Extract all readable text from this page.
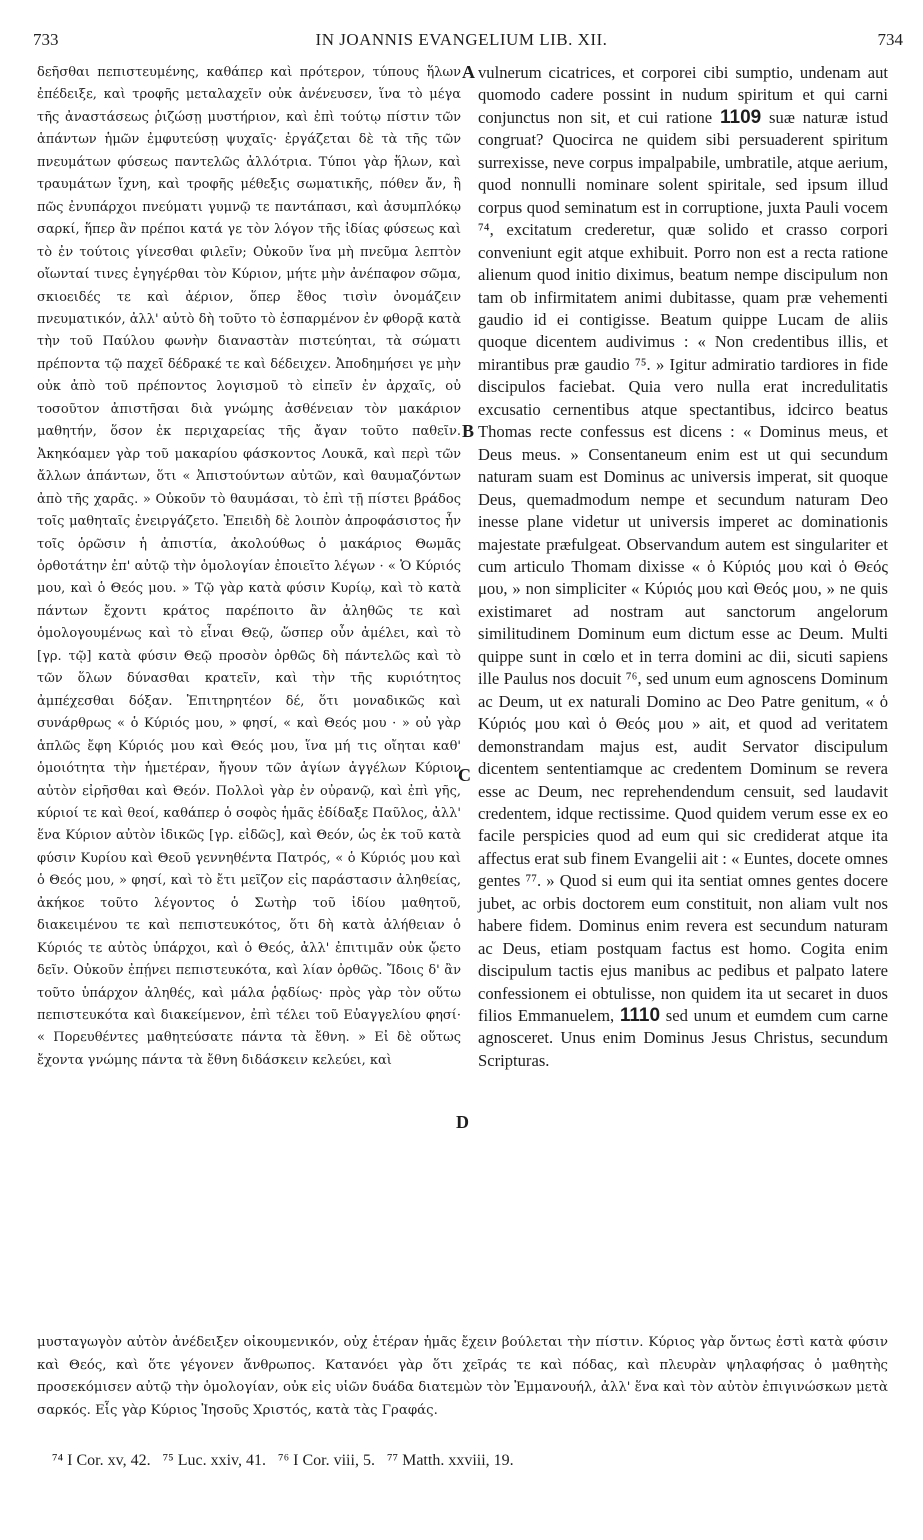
733	IN JOANNIS EVANGELIUM LIB. XII.	734

δεῆσθαι πεπιστευμένης, καθάπερ καὶ πρότερον, τύπους ἥλων ἐπέδειξε, καὶ τροφῆς μεταλαχεῖν οὐκ ἀνένευσεν, ἵνα τὸ μέγα τῆς ἀναστάσεως ῥιζώσῃ μυστήριον, καὶ ἐπὶ τούτῳ πίστιν τῶν ἁπάντων ἡμῶν ἐμφυτεύσῃ ψυχαῖς· ἐργάζεται δὲ τὰ τῆς τῶν πνευμάτων φύσεως παντελῶς ἀλλότρια. Τύποι γὰρ ἥλων, καὶ τραυμάτων ἴχνη, καὶ τροφῆς μέθεξις σωματικῆς, πόθεν ἄν, ἢ πῶς ἐνυπάρχοι πνεύματι γυμνῷ τε παντάπασι, καὶ ἀσυμπλόκῳ σαρκί, ἥπερ ἂν πρέποι κατά γε τὸν λόγον τῆς ἰδίας φύσεως καὶ τὸ ἐν τούτοις γίνεσθαι φιλεῖν; Οὐκοῦν ἵνα μὴ πνεῦμα λεπτὸν οἴωνταί τινες ἐγηγέρθαι τὸν Κύριον, μήτε μὴν ἀνέπαφον σῶμα, σκιοειδές τε καὶ ἀέριον, ὅπερ ἔθος τισὶν ὀνομάζειν πνευματικόν, ἀλλ' αὐτὸ δὴ τοῦτο τὸ ἐσπαρμένον ἐν φθορᾷ κατὰ τὴν τοῦ Παύλου φωνὴν διαναστὰν πιστεύηται, τὰ σώματι πρέποντα τῷ παχεῖ δέδρακέ τε καὶ δέδειχεν. Ἀποδημήσει γε μὴν οὐκ ἀπὸ τοῦ πρέποντος λογισμοῦ τὸ εἰπεῖν ἐν ἀρχαῖς, οὐ τοσοῦτον ἀπιστῆσαι διὰ γνώμης ἀσθένειαν τὸν μακάριον μαθητήν, ὅσον ἐκ περιχαρείας τῆς ἄγαν τοῦτο παθεῖν. Ἀκηκόαμεν γὰρ τοῦ μακαρίου φάσκοντος Λουκᾶ, καὶ περὶ τῶν ἄλλων ἁπάντων, ὅτι « Ἀπιστούντων αὐτῶν, καὶ θαυμαζόντων ἀπὸ τῆς χαρᾶς. » Οὐκοῦν τὸ θαυμάσαι, τὸ ἐπὶ τῇ πίστει βράδος τοῖς μαθηταῖς ἐνειργάζετο. Ἐπειδὴ δὲ λοιπὸν ἀπροφάσιστος ἦν τοῖς ὁρῶσιν ἡ ἀπιστία, ἀκολούθως ὁ μακάριος Θωμᾶς ὀρθοτάτην ἐπ' αὐτῷ τὴν ὁμολογίαν ἐποιεῖτο λέγων · « Ὁ Κύριός μου, καὶ ὁ Θεός μου. » Τῷ γὰρ κατὰ φύσιν Κυρίῳ, καὶ τὸ κατὰ πάντων ἔχοντι κράτος παρέποιτο ἂν ἀληθῶς τε καὶ ὁμολογουμένως καὶ τὸ εἶναι Θεῷ, ὥσπερ οὖν ἀμέλει, καὶ τὸ [γρ. τῷ] κατὰ φύσιν Θεῷ προσὸν ὀρθῶς δὴ πάντελῶς καὶ τὸ τῶν ὅλων δύνασθαι κρατεῖν, καὶ τὴν τῆς κυριότητος ἀμπέχεσθαι δόξαν. Ἐπιτηρητέον δέ, ὅτι μοναδικῶς καὶ συνάρθρως « ὁ Κύριός μου, » φησί, « καὶ Θεός μου · » οὐ γὰρ ἁπλῶς ἔφη Κύριός μου καὶ Θεός μου, ἵνα μή τις οἴηται καθ' ὁμοιότητα τὴν ἡμετέραν, ἤγουν τῶν ἁγίων ἀγγέλων Κύριον αὐτὸν εἰρῆσθαι καὶ Θεόν. Πολλοὶ γὰρ ἐν οὐρανῷ, καὶ ἐπὶ γῆς, κύριοί τε καὶ θεοί, καθάπερ ὁ σοφὸς ἡμᾶς ἐδίδαξε Παῦλος, ἀλλ' ἕνα Κύριον αὐτὸν ἰδικῶς [γρ. εἰδῶς], καὶ Θεόν, ὡς ἐκ τοῦ κατὰ φύσιν Κυρίου καὶ Θεοῦ γεννηθέντα Πατρός, « ὁ Κύριός μου καὶ ὁ Θεός μου, » φησί, καὶ τὸ ἔτι μεῖζον εἰς παράστασιν ἀληθείας, ἀκήκοε τοῦτο λέγοντος ὁ Σωτὴρ τοῦ ἰδίου μαθητοῦ, διακειμένου τε καὶ πεπιστευκότος, ὅτι δὴ κατὰ ἀλήθειαν ὁ Κύριός τε αὐτὸς ὑπάρχοι, καὶ ὁ Θεός, ἀλλ' ἐπιτιμᾶν οὐκ ᾤετο δεῖν. Οὐκοῦν ἐπῄνει πεπιστευκότα, καὶ λίαν ὀρθῶς. Ἴδοις δ' ἂν τοῦτο ὑπάρχον ἀληθές, καὶ μάλα ῥᾳδίως· πρὸς γὰρ τὸν οὕτω πεπιστευκότα καὶ διακείμενον, ἐπὶ τέλει τοῦ Εὐαγγελίου φησί· « Πορευθέντες μαθητεύσατε πάντα τὰ ἔθνη. » Εἰ δὲ οὕτως ἔχοντα γνώμης πάντα τὰ ἔθνη διδάσκειν κελεύει, καὶ

A
B
C
D

vulnerum cicatrices, et corporei cibi sumptio, undenam aut quomodo cadere possint in nudum spiritum et qui carni conjunctus non sit, et cui ratione 1109 suæ naturæ istud congruat? Quocirca ne quidem sibi persuaderent spiritum surrexisse, neve corpus impalpabile, umbratile, atque aerium, quod nonnulli nominare solent spiritale, sed ipsum illud corpus quod seminatum est in corruptione, juxta Pauli vocem ⁷⁴, excitatum crederetur, quæ solido et crasso corpori conveniunt egit atque exhibuit. Porro non est a recta ratione alienum quod initio diximus, beatum nempe discipulum non tam ob infirmitatem animi dubitasse, quam præ vehementi gaudio id ei contigisse. Beatum quippe Lucam de aliis quoque dicentem audivimus : « Non credentibus illis, et mirantibus præ gaudio ⁷⁵. » Igitur admiratio tardiores in fide discipulos faciebat. Quia vero nulla erat incredulitatis excusatio cernentibus atque spectantibus, idcirco beatus Thomas recte confessus est dicens : « Dominus meus, et Deus meus. » Consentaneum enim est ut qui secundum naturam suam est Dominus ac universis imperat, sit quoque Deus, quemadmodum nempe et secundum naturam Deo inesse plane videtur ut universis imperet ac dominationis majestate præfulgeat. Observandum autem est singulariter et cum articulo Thomam dixisse « ὁ Κύριός μου καὶ ὁ Θεός μου, » non simpliciter « Κύριός μου καὶ Θεός μου, » ne quis existimaret ad nostram aut sanctorum angelorum similitudinem Dominum eum dictum esse ac Deum. Multi quippe sunt in cœlo et in terra domini ac dii, sicuti sapiens ille Paulus nos docuit ⁷⁶, sed unum eum agnoscens Dominum ac Deum, ut ex naturali Domino ac Deo Patre genitum, « ὁ Κύριός μου καὶ ὁ Θεός μου » ait, et quod ad veritatem demonstrandam majus est, audit Servator discipulum dicentem sententiamque ac credentem Dominum se revera esse ac Deum, nec reprehendendum censuit, sed laudavit credentem, idque rectissime. Quod quidem verum esse ex eo facile perspicies quod ad eum qui sic crediderat atque ita affectus erat sub finem Evangelii ait : « Euntes, docete omnes gentes ⁷⁷. » Quod si eum qui ita sentiat omnes gentes docere jubet, ac orbis doctorem eum constituit, non aliam vult nos habere fidem. Dominus enim revera est secundum naturam ac Deus, etiam postquam factus est homo. Cogita enim discipulum tactis ejus manibus ac pedibus et palpato latere confessionem ei obtulisse, non quidem ita ut secaret in duos filios Emmanuelem, 1110 sed unum et eumdem cum carne agnosceret. Unus enim Dominus Jesus Christus, secundum Scripturas.

μυσταγωγὸν αὐτὸν ἀνέδειξεν οἰκουμενικόν, οὐχ ἑτέραν ἡμᾶς ἔχειν βούλεται τὴν πίστιν. Κύριος γὰρ ὄντως ἐστὶ κατὰ φύσιν καὶ Θεός, καὶ ὅτε γέγονεν ἄνθρωπος. Κατανόει γὰρ ὅτι χεῖράς τε καὶ πόδας, καὶ πλευρὰν ψηλαφήσας ὁ μαθητὴς προσεκόμισεν αὐτῷ τὴν ὁμολογίαν, οὐκ εἰς υἱῶν δυάδα διατεμὼν τὸν Ἐμμανουήλ, ἀλλ' ἕνα καὶ τὸν αὐτὸν ἐπιγινώσκων μετὰ σαρκός. Εἷς γὰρ Κύριος Ἰησοῦς Χριστός, κατὰ τὰς Γραφάς.

⁷⁴ I Cor. xv, 42.   ⁷⁵ Luc. xxiv, 41.   ⁷⁶ I Cor. viii, 5.   ⁷⁷ Matth. xxviii, 19.
